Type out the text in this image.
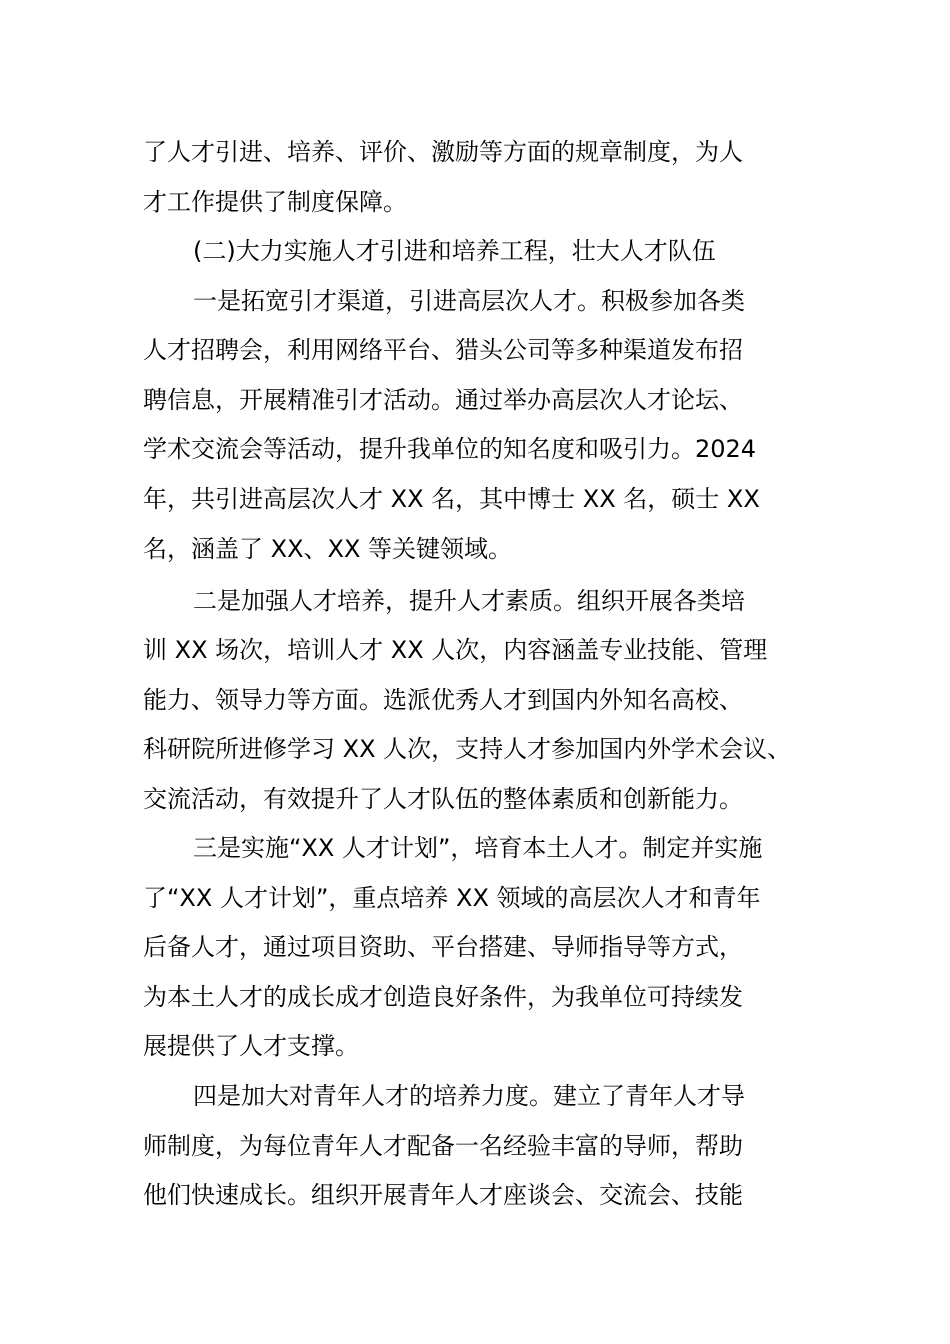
了人才引进、培养、评价、激励等方面的规章制度，为人
才工作提供了制度保障。
(二)大力实施人才引进和培养工程，壮大人才队伍
一是拓宽引才渠道，引进高层次人才。积极参加各类
人才招聘会，利用网络平台、猎头公司等多种渠道发布招
聘信息，开展精准引才活动。通过举办高层次人才论坛、
学术交流会等活动，提升我单位的知名度和吸引力。2024
年，共引进高层次人才 XX 名，其中博士 XX 名，硕士 XX
名，涵盖了 XX、XX 等关键领域。
二是加强人才培养，提升人才素质。组织开展各类培
训 XX 场次，培训人才 XX 人次，内容涵盖专业技能、管理
能力、领导力等方面。选派优秀人才到国内外知名高校、
科研院所进修学习 XX 人次，支持人才参加国内外学术会议、
交流活动，有效提升了人才队伍的整体素质和创新能力。
三是实施“XX 人才计划”，培育本土人才。制定并实施
了“XX 人才计划”，重点培养 XX 领域的高层次人才和青年
后备人才，通过项目资助、平台搭建、导师指导等方式，
为本土人才的成长成才创造良好条件，为我单位可持续发
展提供了人才支撑。
四是加大对青年人才的培养力度。建立了青年人才导
师制度，为每位青年人才配备一名经验丰富的导师，帮助
他们快速成长。组织开展青年人才座谈会、交流会、技能
